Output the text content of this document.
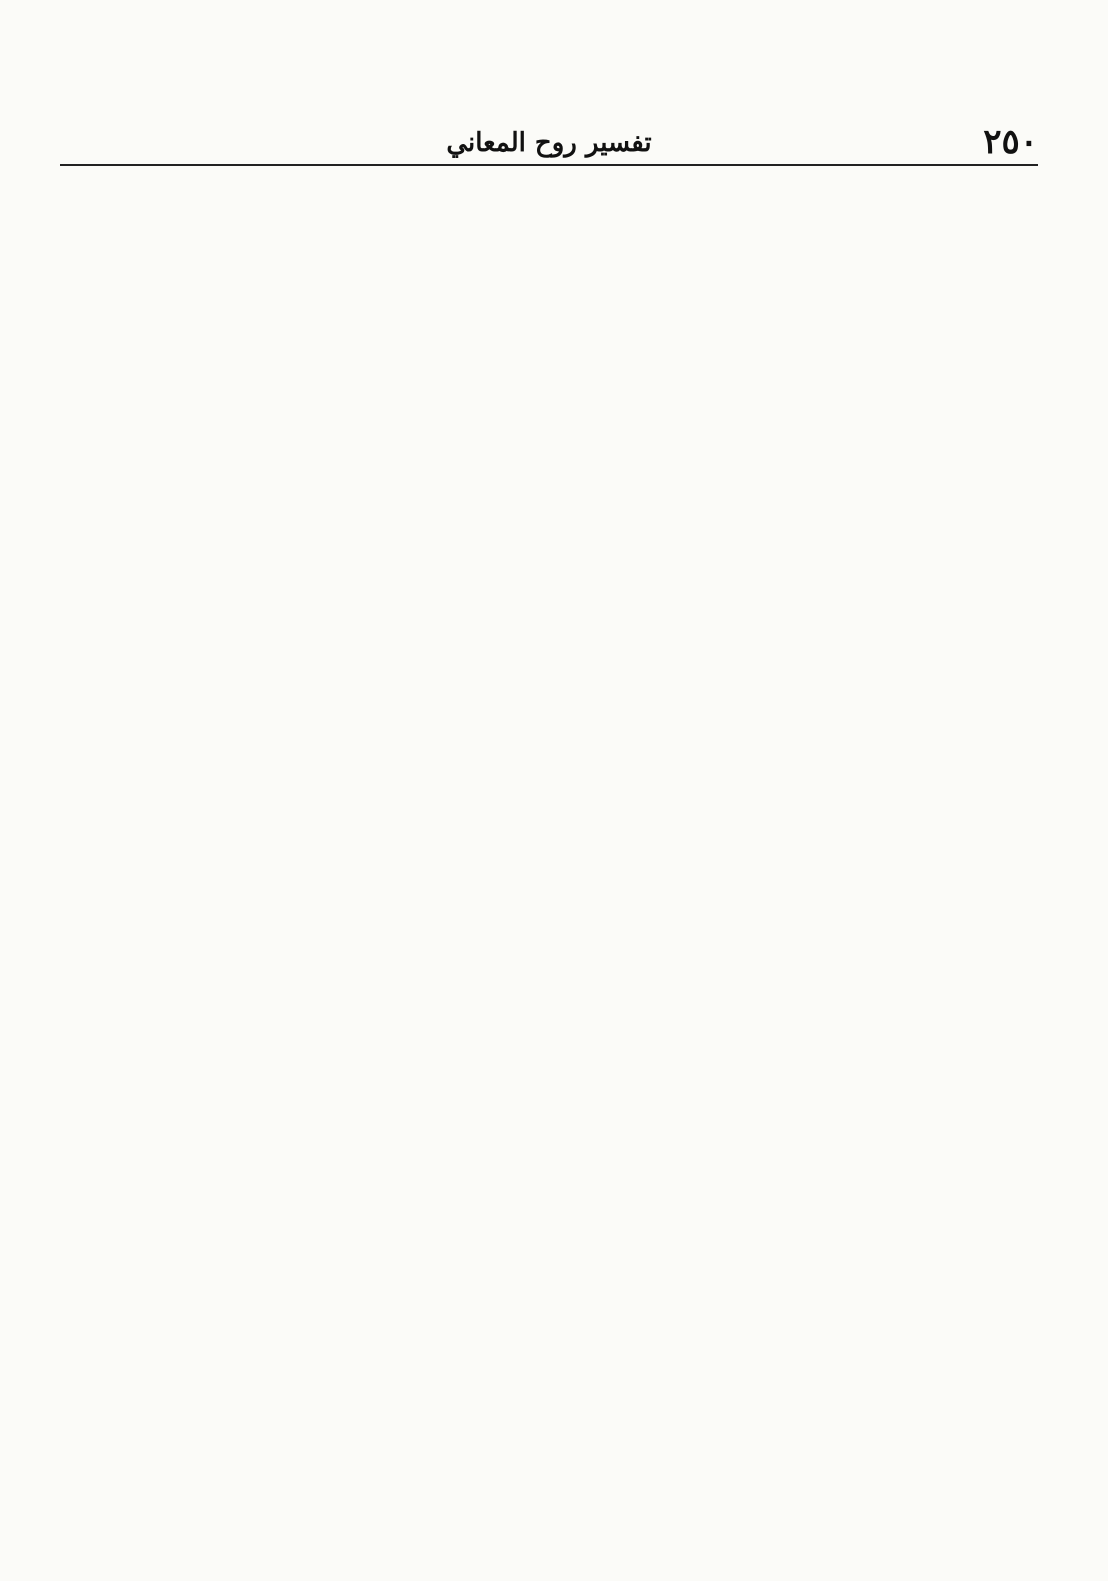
٢٥٠
تفسير روح المعاني
